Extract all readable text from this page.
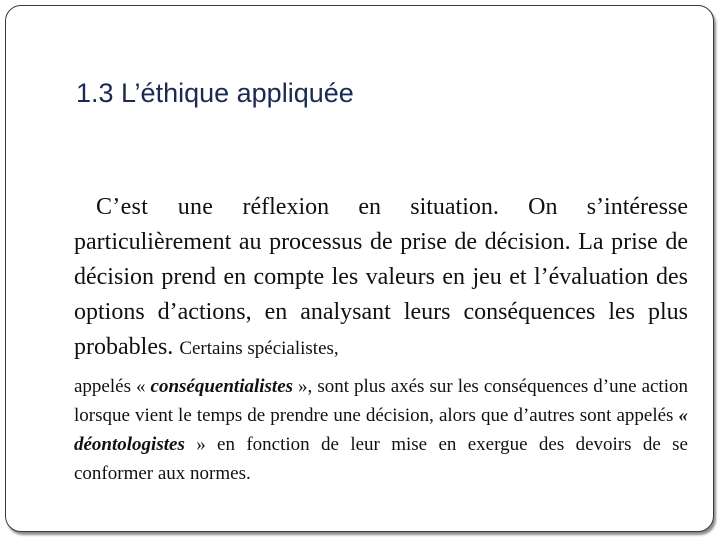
1.3 L’éthique appliquée

C’est une réflexion en situation. On s’intéresse particulièrement au processus de prise de décision. La prise de décision prend en compte les valeurs en jeu et l’évaluation des options d’actions, en analysant leurs conséquences les plus probables. Certains spécialistes,

appelés « conséquentialistes », sont plus axés sur les conséquences d’une action lorsque vient le temps de prendre une décision, alors que d’autres sont appelés « déontologistes » en fonction de leur mise en exergue des devoirs de se conformer aux normes.
